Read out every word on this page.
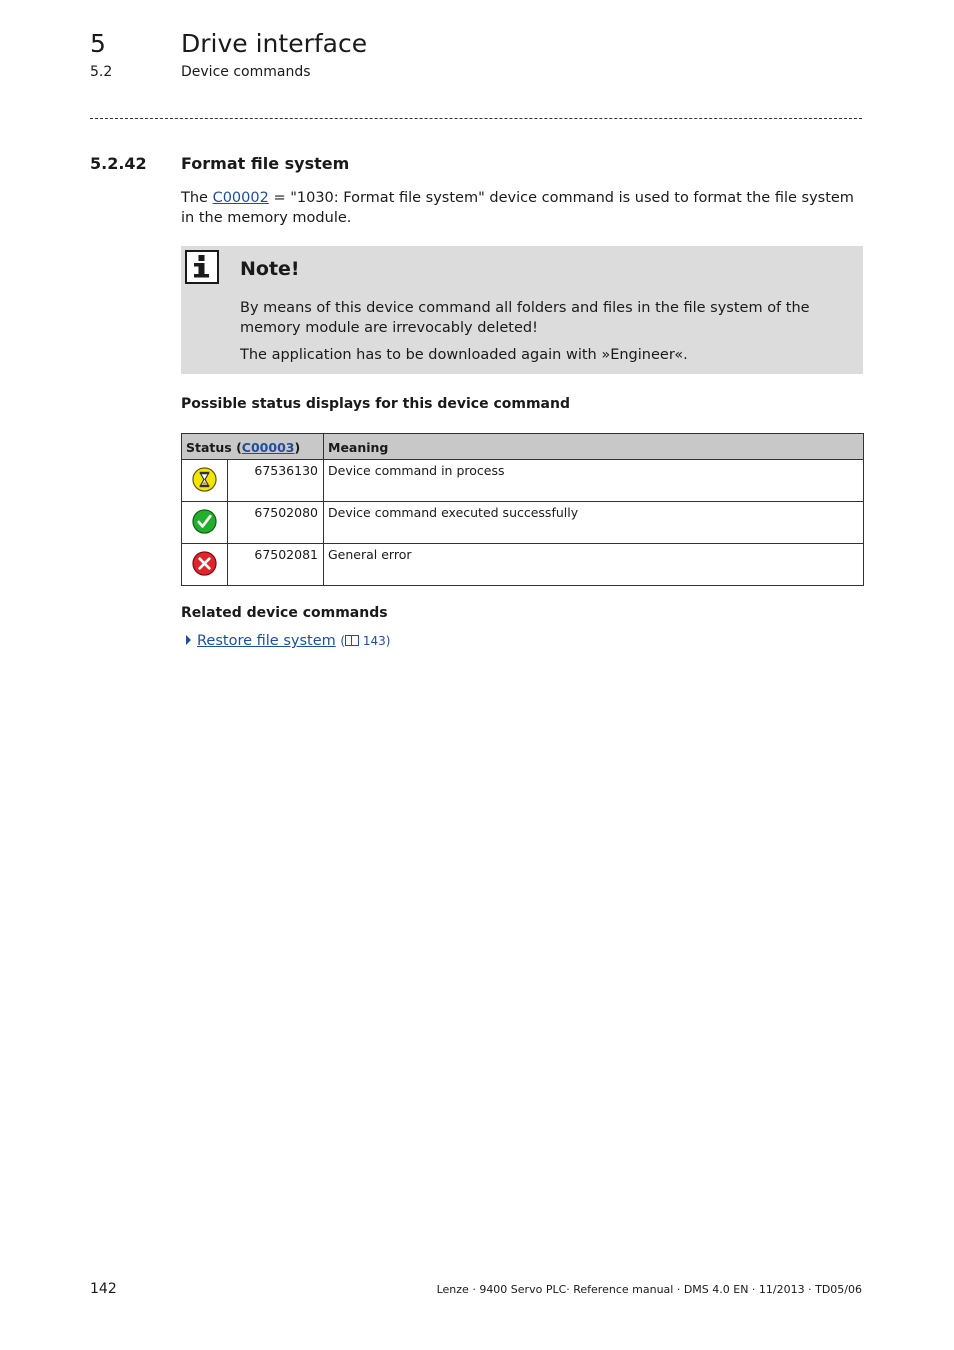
5	Drive interface
5.2	Device commands
5.2.42 Format file system
The C00002 = "1030: Format file system" device command is used to format the file system in the memory module.
Note!
By means of this device command all folders and files in the file system of the memory module are irrevocably deleted!
The application has to be downloaded again with »Engineer«.
Possible status displays for this device command
Status (C00003)		Meaning

	67536130	Device command in process

	67502080	Device command executed successfully

	67502081	General error
Related device commands
Restore file system ( 143)
142	Lenze · 9400 Servo PLC· Reference manual · DMS 4.0 EN · 11/2013 · TD05/06
